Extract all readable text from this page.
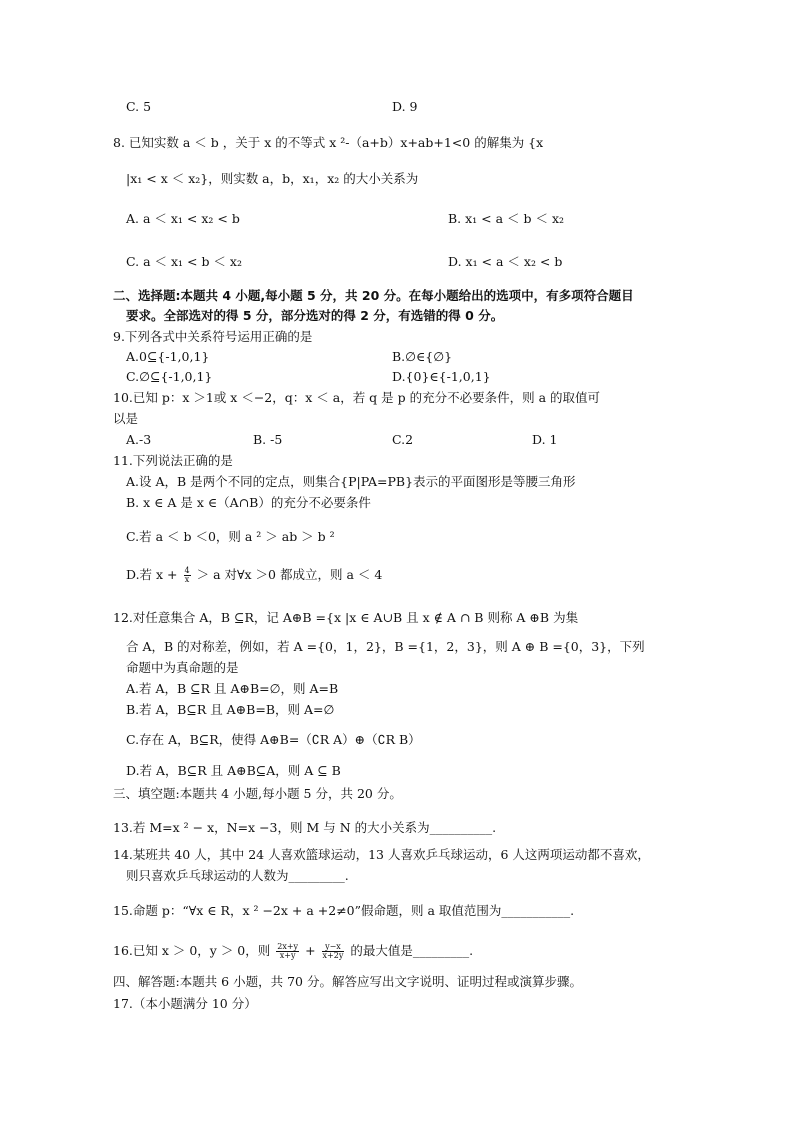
C. 5	D. 9
8. 已知实数 a ＜ b ，关于 x 的不等式 x ²-（a+b）x+ab+1<0 的解集为 {x
|x₁ < x ＜ x₂}，则实数 a，b，x₁，x₂ 的大小关系为
A. a ＜ x₁ < x₂ < b	B. x₁ < a ＜ b ＜ x₂
C. a ＜ x₁ < b ＜ x₂	D. x₁ < a ＜ x₂ < b
二、选择题:本题共 4 小题,每小题 5 分，共 20 分。在每小题给出的选项中，有多项符合题目
要求。全部选对的得 5 分，部分选对的得 2 分，有选错的得 0 分。
9.下列各式中关系符号运用正确的是
A.0⊆{-1,0,1}	B.∅∈{∅}
C.∅⊆{-1,0,1}	D.{0}∈{-1,0,1}
10.已知 p：x ＞1或 x ＜−2，q：x ＜ a，若 q 是 p 的充分不必要条件，则 a 的取值可
以是
A.-3	B. -5	C.2	D. 1
11.下列说法正确的是
A.设 A，B 是两个不同的定点，则集合{P|PA=PB}表示的平面图形是等腰三角形
B. x ∈ A 是 x ∈（A∩B）的充分不必要条件
C.若 a ＜ b ＜0，则 a ² ＞ ab ＞ b ²
D.若 $x + \frac{4}{x} > a$ 对∀x ＞0 都成立，则 a ＜ 4
12.对任意集合 A，B ⊆R，记 A⊕B ={x |x ∈ A∪B 且 x ∉ A ∩ B 则称 A ⊕B 为集
合 A，B 的对称差，例如，若 A ={0，1，2}，B ={1，2，3}，则 A ⊕ B ={0，3}，下列
命题中为真命题的是
A.若 A，B ⊆R 且 A⊕B=∅，则 A=B
B.若 A，B⊆R 且 A⊕B=B，则 A=∅
C.存在 A，B⊆R，使得 A⊕B=（∁R A）⊕（∁R B）
D.若 A，B⊆R 且 A⊕B⊆A，则 A ⊆ B
三、填空题:本题共 4 小题,每小题 5 分，共 20 分。
13.若 M=x ² − x，N=x −3，则 M 与 N 的大小关系为__________.
14.某班共 40 人，其中 24 人喜欢篮球运动，13 人喜欢乒乓球运动，6 人这两项运动都不喜欢，
则只喜欢乒乓球运动的人数为_________.
15.命题 p：“∀x ∈ R，x ² −2x + a +2≠0”假命题，则 a 取值范围为___________.
16.已知 x ＞ 0，y ＞ 0，则 $\frac{2x+y}{x+y} + \frac{y-x}{x+2y}$ 的最大值是_________.
四、解答题:本题共 6 小题，共 70 分。解答应写出文字说明、证明过程或演算步骤。
17.（本小题满分 10 分）
